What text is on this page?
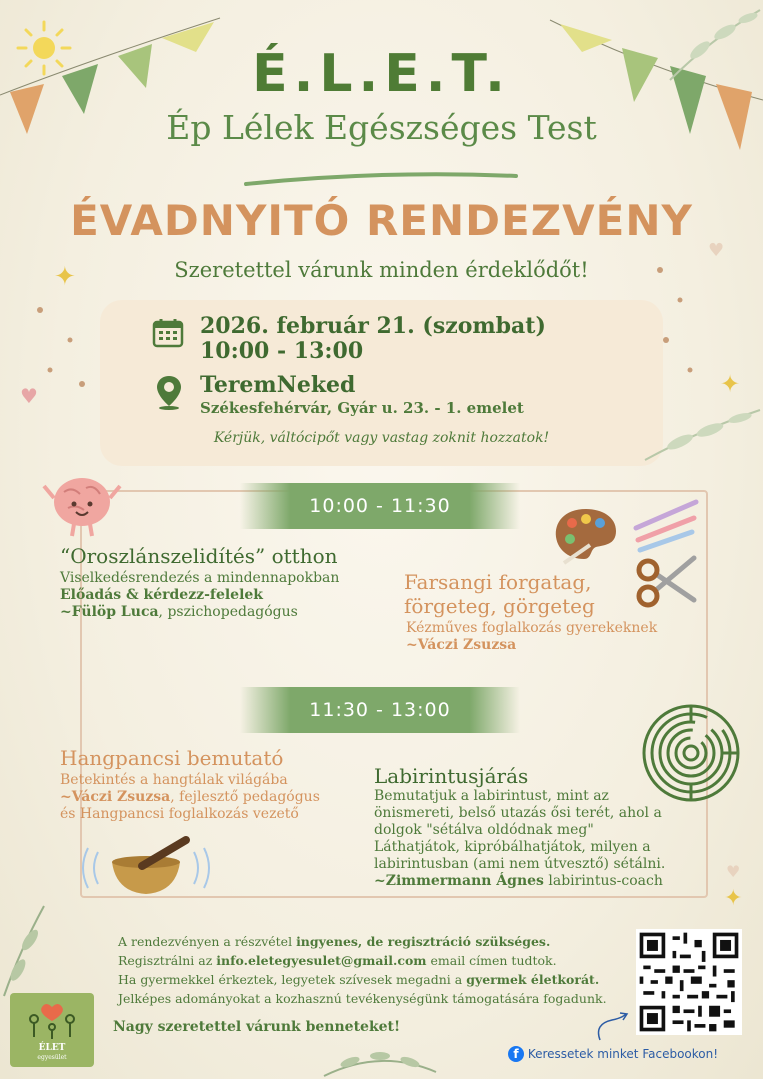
É.L.E.T.
Ép Lélek Egészséges Test
ÉVADNYITÓ RENDEZVÉNY
Szeretettel várunk minden érdeklődőt!
✦
✦
✦
♥
♥
♥
2026. február 21. (szombat)
10:00 - 13:00
TeremNeked
Székesfehérvár, Gyár u. 23. - 1. emelet
Kérjük, váltócipőt vagy vastag zoknit hozzatok!
10:00 - 11:30
“Oroszlánszelidítés” otthon
Viselkedésrendezés a mindennapokban
Előadás & kérdezz-felelek
~Fülöp Luca, pszichopedagógus
Farsangi forgatag,
förgeteg, görgeteg
Kézműves foglalkozás gyerekeknek
~Váczi Zsuzsa
11:30 - 13:00
Hangpancsi bemutató
Betekintés a hangtálak világába
~Váczi Zsuzsa, fejlesztő pedagógus
és Hangpancsi foglalkozás vezető
Labirintusjárás
Bemutatjuk a labirintust, mint az
önismereti, belső utazás ősi terét, ahol a
dolgok "sétálva oldódnak meg"
Láthatjátok, kipróbálhatjátok, milyen a
labirintusban (ami nem útvesztő) sétálni.
~Zimmermann Ágnes labirintus-coach
A rendezvényen a részvétel ingyenes, de regisztráció szükséges.
Regisztrálni az info.eletegyesulet@gmail.com email címen tudtok.
Ha gyermekkel érkeztek, legyetek szívesek megadni a gyermek életkorát.
Jelképes adományokat a kozhasznú tevékenységünk támogatására fogadunk.
ÉLET
egyesület
Nagy szeretettel várunk benneteket!
f Keressetek minket Facebookon!
